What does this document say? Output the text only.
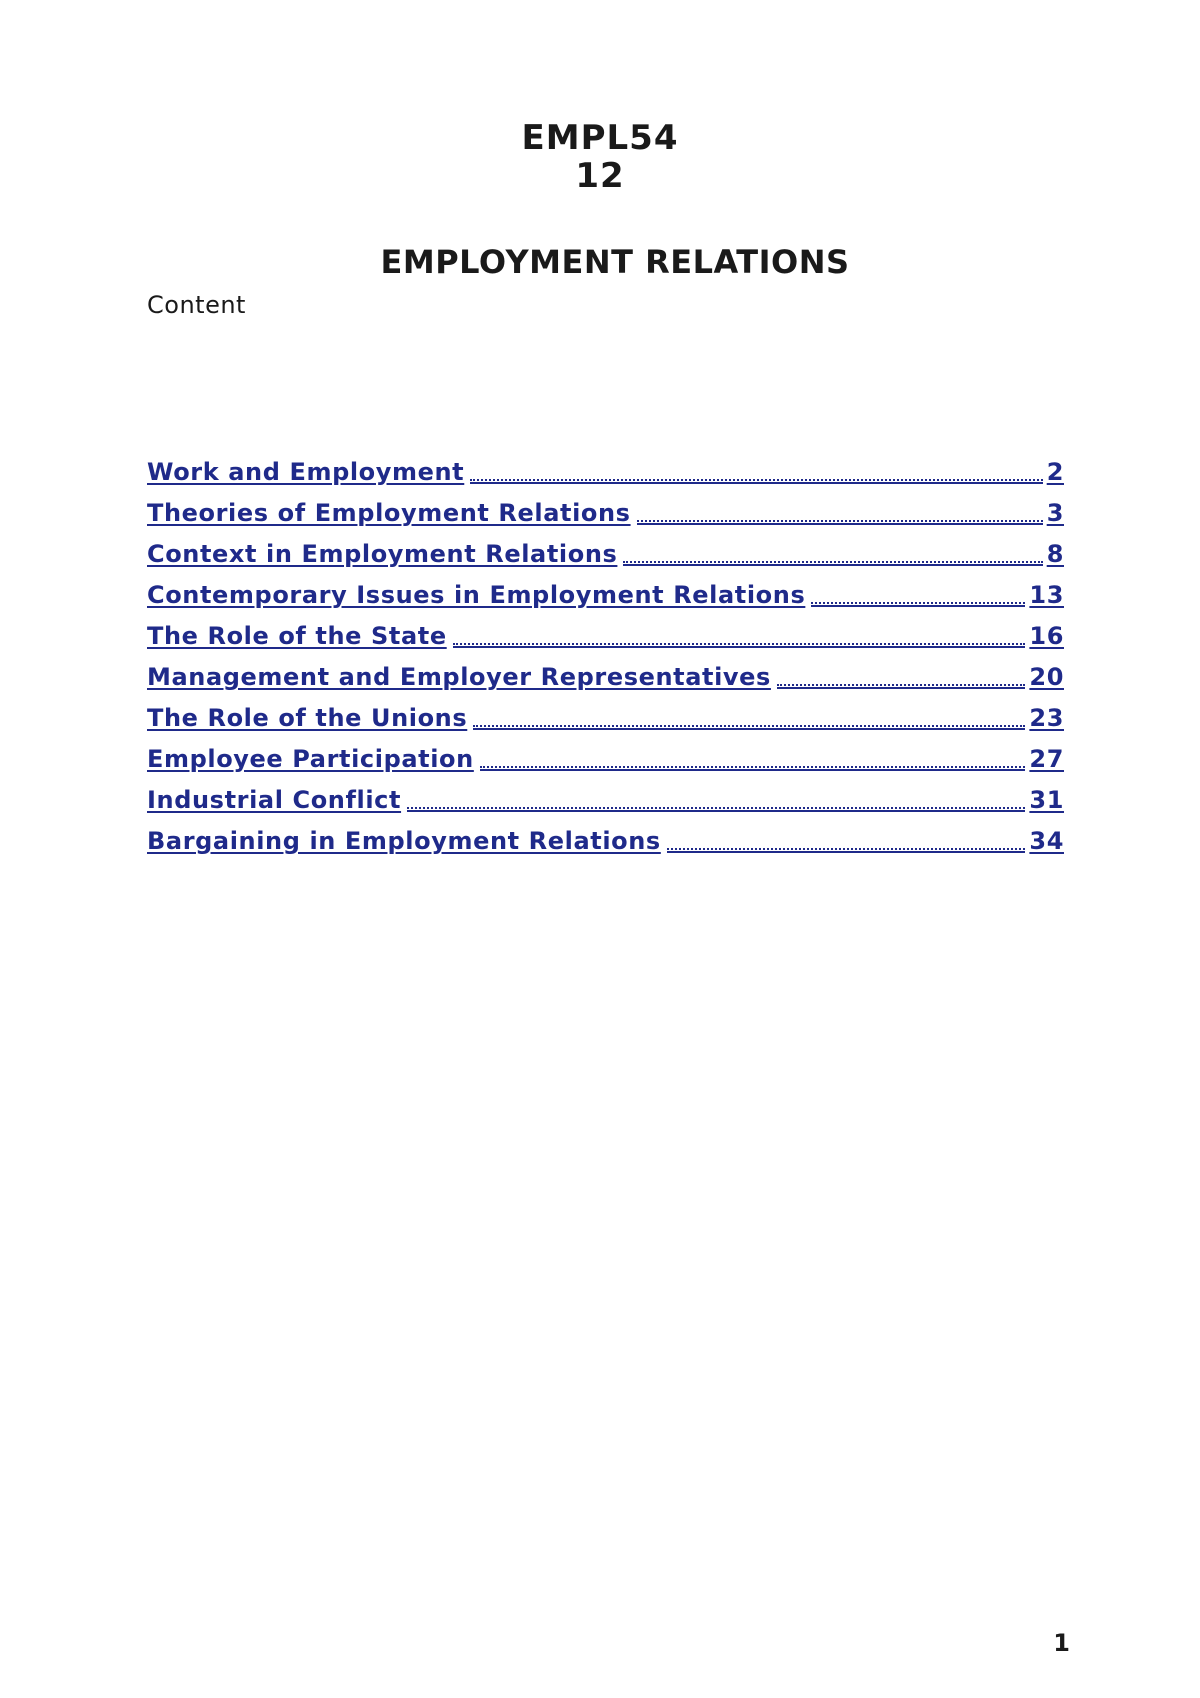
EMPL54
12
EMPLOYMENT RELATIONS
Content
Work and Employment	2
Theories of Employment Relations	3
Context in Employment Relations	8
Contemporary Issues in Employment Relations	13
The Role of the State	16
Management and Employer Representatives	20
The Role of the Unions	23
Employee Participation	27
Industrial Conflict	31
Bargaining in Employment Relations	34
1
